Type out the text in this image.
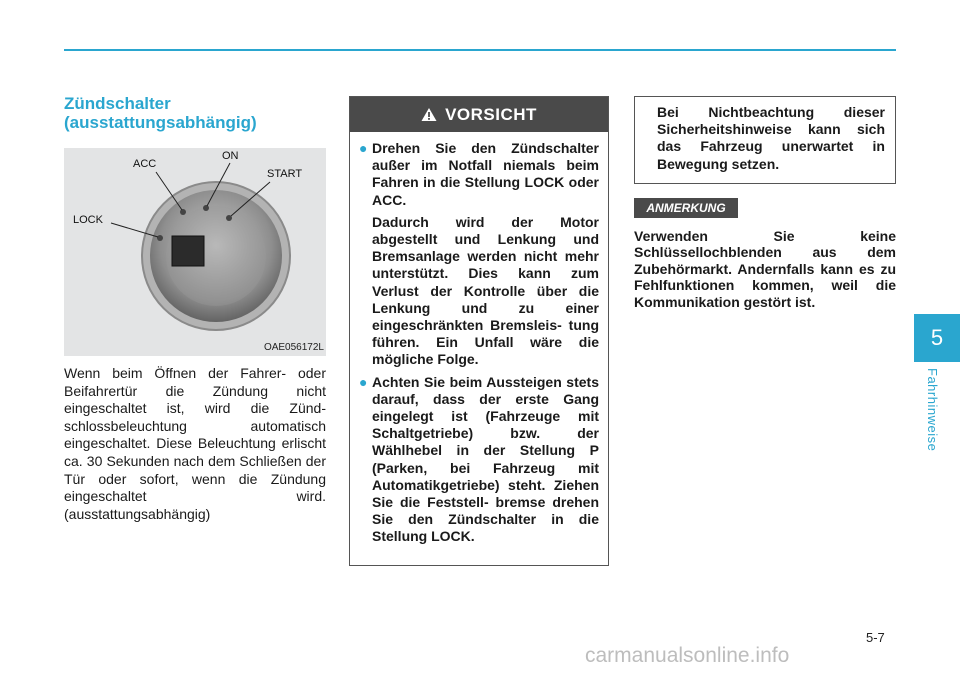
Zündschalter (ausstattungsabhängig)
ACC
ON
START
LOCK
OAE056172L
Wenn beim Öffnen der Fahrer- oder Beifahrertür die Zündung nicht eingeschaltet ist, wird die Zünd- schlossbeleuchtung automatisch eingeschaltet. Diese Beleuchtung erlischt ca. 30 Sekunden nach dem Schließen der Tür oder sofort, wenn die Zündung eingeschaltet wird. (ausstattungsabhängig)
VORSICHT
● Drehen Sie den Zündschalter außer im Notfall niemals beim Fahren in die Stellung LOCK oder ACC.

Dadurch wird der Motor abgestellt und Lenkung und Bremsanlage werden nicht mehr unterstützt. Dies kann zum Verlust der Kontrolle über die Lenkung und zu einer eingeschränkten Bremsleis- tung führen. Ein Unfall wäre die mögliche Folge.

● Achten Sie beim Aussteigen stets darauf, dass der erste Gang eingelegt ist (Fahrzeuge mit Schaltgetriebe) bzw. der Wählhebel in der Stellung P (Parken, bei Fahrzeug mit Automatikgetriebe) steht. Ziehen Sie die Feststell- bremse drehen Sie den Zündschalter in die Stellung LOCK.

Bei Nichtbeachtung dieser Sicherheitshinweise kann sich das Fahrzeug unerwartet in Bewegung setzen.
ANMERKUNG
Verwenden Sie keine Schlüssellochblenden aus dem Zubehörmarkt. Andernfalls kann es zu Fehlfunktionen kommen, weil die Kommunikation gestört ist.
5
Fahrhinweise
5-7
carmanualsonline.info
